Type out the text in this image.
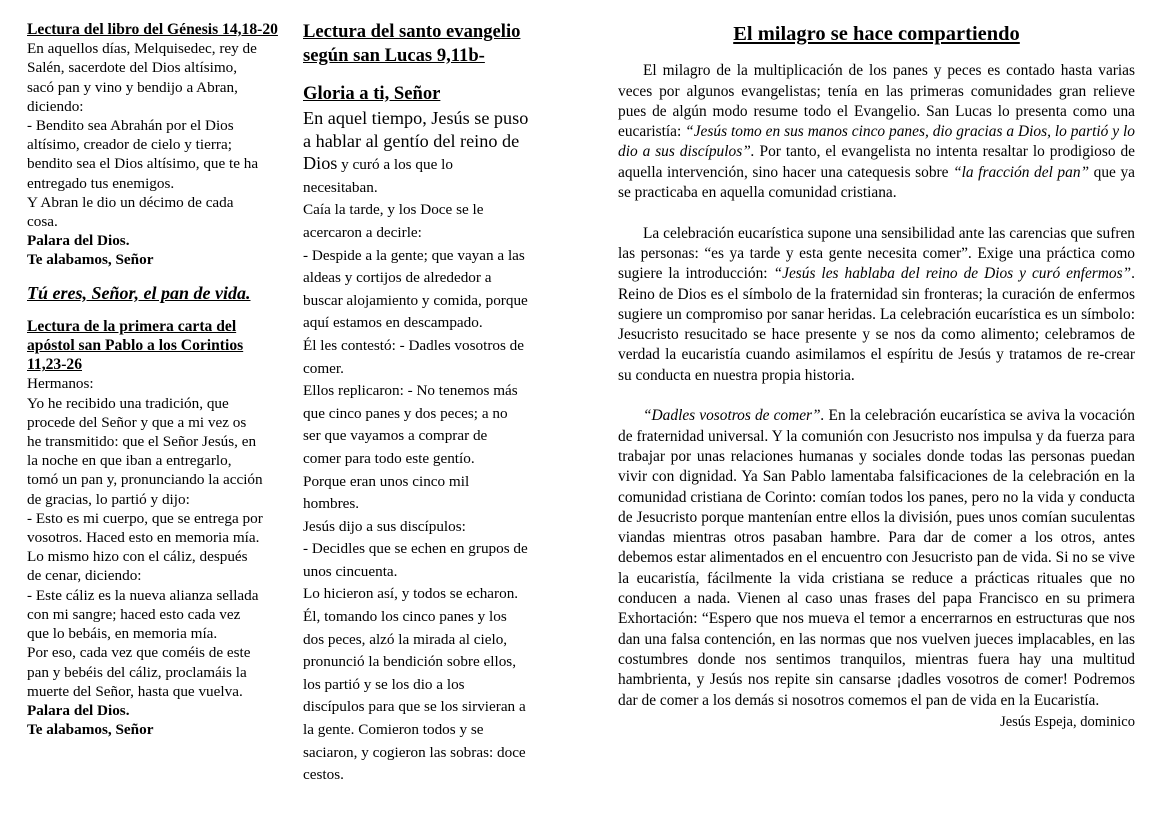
Lectura del libro del Génesis 14,18-20
En aquellos días, Melquisedec, rey de
Salén, sacerdote del Dios altísimo,
sacó pan y vino y bendijo a Abran,
diciendo:
- Bendito sea Abrahán por el Dios
altísimo, creador de cielo y tierra;
bendito sea el Dios altísimo, que te ha
entregado tus enemigos.
Y Abran le dio un décimo de cada
cosa.
Palara del Dios.
Te alabamos, Señor
Tú eres, Señor, el pan de vida.
Lectura de la primera carta del apóstol san Pablo a los Corintios 11,23-26
Hermanos:
Yo he recibido una tradición, que
procede del Señor y que a mi vez os
he transmitido: que el Señor Jesús, en
la noche en que iban a entregarlo,
tomó un pan y, pronunciando la acción
de gracias, lo partió y dijo:
- Esto es mi cuerpo, que se entrega por
vosotros. Haced esto en memoria mía.
Lo mismo hizo con el cáliz, después
de cenar, diciendo:
- Este cáliz es la nueva alianza sellada
con mi sangre; haced esto cada vez
que lo bebáis, en memoria mía.
Por eso, cada vez que coméis de este
pan y bebéis del cáliz, proclamáis la
muerte del Señor, hasta que vuelva.
Palara del Dios.
Te alabamos, Señor
Lectura del santo evangelio según san Lucas 9,11b-
Gloria a ti, Señor
En aquel tiempo, Jesús se puso
a hablar al gentío del reino de
Dios y curó a los que lo
necesitaban.
Caía la tarde, y los Doce se le
acercaron a decirle:
- Despide a la gente; que vayan a las
aldeas y cortijos de alrededor a
buscar alojamiento y comida, porque
aquí estamos en descampado.
Él les contestó: - Dadles vosotros de
comer.
Ellos replicaron: - No tenemos más
que cinco panes y dos peces; a no
ser que vayamos a comprar de
comer para todo este gentío.
Porque eran unos cinco mil
hombres.
Jesús dijo a sus discípulos:
- Decidles que se echen en grupos de
unos cincuenta.
Lo hicieron así, y todos se echaron.
Él, tomando los cinco panes y los
dos peces, alzó la mirada al cielo,
pronunció la bendición sobre ellos,
los partió y se los dio a los
discípulos para que se los sirvieran a
la gente. Comieron todos y se
saciaron, y cogieron las sobras: doce
cestos.
El milagro se hace compartiendo

El milagro de la multiplicación de los panes y peces es contado hasta varias veces por algunos evangelistas; tenía en las primeras comunidades gran relieve pues de algún modo resume todo el Evangelio. San Lucas lo presenta como una eucaristía: “Jesús tomo en sus manos cinco panes, dio gracias a Dios, lo partió y lo dio a sus discípulos”. Por tanto, el evangelista no intenta resaltar lo prodigioso de aquella intervención, sino hacer una catequesis sobre “la fracción del pan” que ya se practicaba en aquella comunidad cristiana.

La celebración eucarística supone una sensibilidad ante las carencias que sufren las personas: “es ya tarde y esta gente necesita comer”. Exige una práctica como sugiere la introducción: “Jesús les hablaba del reino de Dios y curó enfermos”. Reino de Dios es el símbolo de la fraternidad sin fronteras; la curación de enfermos sugiere un compromiso por sanar heridas. La celebración eucarística es un símbolo: Jesucristo resucitado se hace presente y se nos da como alimento; celebramos de verdad la eucaristía cuando asimilamos el espíritu de Jesús y tratamos de re-crear su conducta en nuestra propia historia.

“Dadles vosotros de comer”. En la celebración eucarística se aviva la vocación de fraternidad universal. Y la comunión con Jesucristo nos impulsa y da fuerza para trabajar por unas relaciones humanas y sociales donde todas las personas puedan vivir con dignidad. Ya San Pablo lamentaba falsificaciones de la celebración en la comunidad cristiana de Corinto: comían todos los panes, pero no la vida y conducta de Jesucristo porque mantenían entre ellos la división, pues unos comían suculentas viandas mientras otros pasaban hambre. Para dar de comer a los otros, antes debemos estar alimentados en el encuentro con Jesucristo pan de vida. Si no se vive la eucaristía, fácilmente la vida cristiana se reduce a prácticas rituales que no conducen a nada. Vienen al caso unas frases del papa Francisco en su primera Exhortación: “Espero que nos mueva el temor a encerrarnos en estructuras que nos dan una falsa contención, en las normas que nos vuelven jueces implacables, en las costumbres donde nos sentimos tranquilos, mientras fuera hay una multitud hambrienta, y Jesús nos repite sin cansarse ¡dadles vosotros de comer! Podremos dar de comer a los demás si nosotros comemos el pan de vida en la Eucaristía.

Jesús Espeja, dominico
